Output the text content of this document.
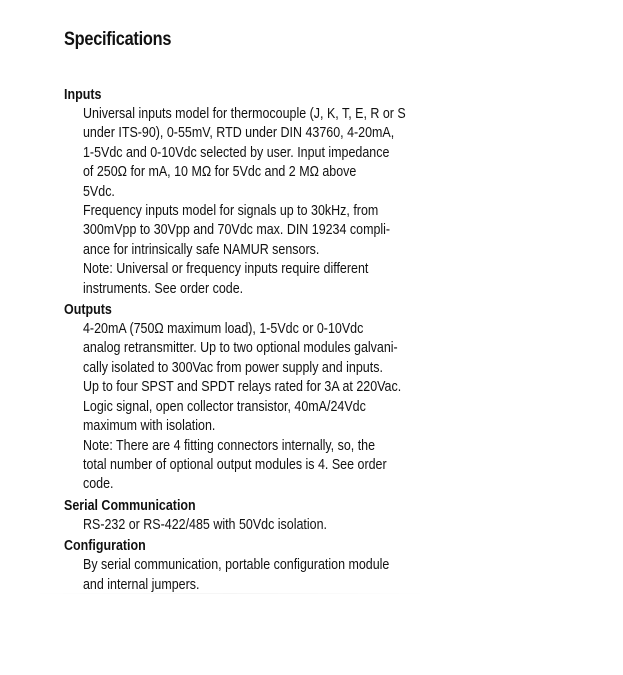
Specifications
Inputs
Universal inputs model for thermocouple (J, K, T, E, R or S
under ITS-90), 0-55mV, RTD under DIN 43760, 4-20mA,
1-5Vdc and 0-10Vdc selected by user. Input impedance
of 250Ω for mA, 10 MΩ for 5Vdc and 2 MΩ above
5Vdc.
Frequency inputs model for signals up to 30kHz, from
300mVpp to 30Vpp and 70Vdc max. DIN 19234 compli-
ance for intrinsically safe NAMUR sensors.
Note: Universal or frequency inputs require different
instruments. See order code.
Outputs
4-20mA (750Ω maximum load), 1-5Vdc or 0-10Vdc
analog retransmitter. Up to two optional modules galvani-
cally isolated to 300Vac from power supply and inputs.
Up to four SPST and SPDT relays rated for 3A at 220Vac.
Logic signal, open collector transistor, 40mA/24Vdc
maximum with isolation.
Note: There are 4 fitting connectors internally, so, the
total number of optional output modules is 4. See order
code.
Serial Communication
RS-232 or RS-422/485 with 50Vdc isolation.
Configuration
By serial communication, portable configuration module
and internal jumpers.
